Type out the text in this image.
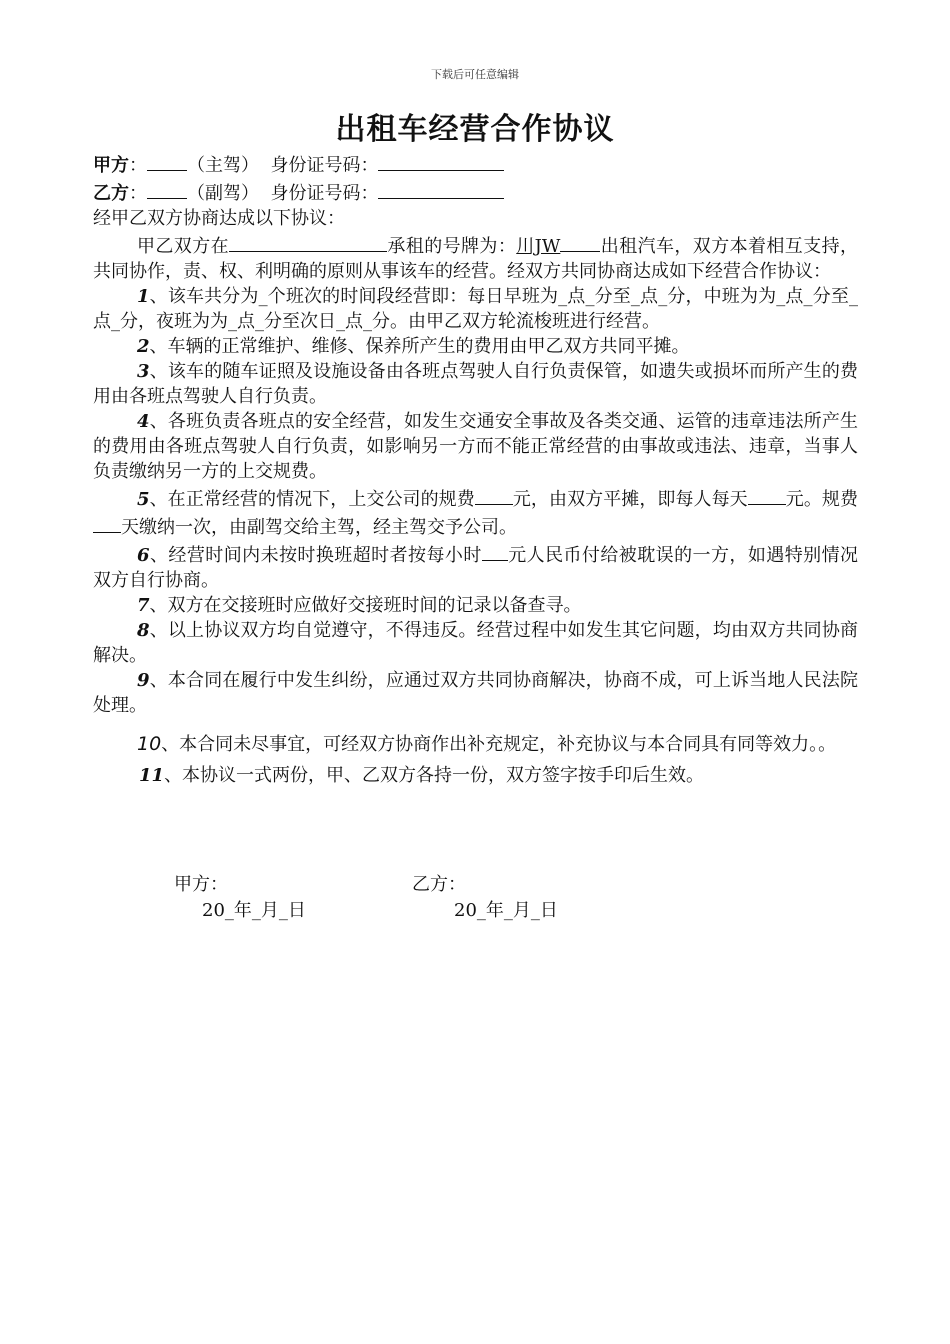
下载后可任意编辑
出租车经营合作协议
甲方： （主驾） 身份证号码：
乙方： （副驾） 身份证号码：

经甲乙双方协商达成以下协议：

甲乙双方在	承租的号牌为：川JW 出租汽车，双方本着相互支持，共同协作，责、权、利明确的原则从事该车的经营。经双方共同协商达成如下经营合作协议：

1、该车共分为_个班次的时间段经营即：每日早班为_点_分至_点_分，中班为为_点_分至_点_分，夜班为为_点_分至次日_点_分。由甲乙双方轮流梭班进行经营。

2、车辆的正常维护、维修、保养所产生的费用由甲乙双方共同平摊。

3、该车的随车证照及设施设备由各班点驾驶人自行负责保管，如遗失或损坏而所产生的费用由各班点驾驶人自行负责。

4、各班负责各班点的安全经营，如发生交通安全事故及各类交通、运管的违章违法所产生的费用由各班点驾驶人自行负责，如影响另一方而不能正常经营的由事故或违法、违章，当事人负责缴纳另一方的上交规费。

5、在正常经营的情况下，上交公司的规费 元，由双方平摊，即每人每天 元。规费天缴纳一次，由副驾交给主驾，经主驾交予公司。

6、经营时间内未按时换班超时者按每小时 元人民币付给被耽误的一方，如遇特别情况双方自行协商。

7、双方在交接班时应做好交接班时间的记录以备查寻。

8、以上协议双方均自觉遵守，不得违反。经营过程中如发生其它问题，均由双方共同协商解决。

9、本合同在履行中发生纠纷，应通过双方共同协商解决，协商不成，可上诉当地人民法院处理。

10、本合同未尽事宜，可经双方协商作出补充规定，补充协议与本合同具有同等效力。。

11、本协议一式两份，甲、乙双方各持一份，双方签字按手印后生效。

甲方：
20_年_月_日
乙方：
20_年_月_日
